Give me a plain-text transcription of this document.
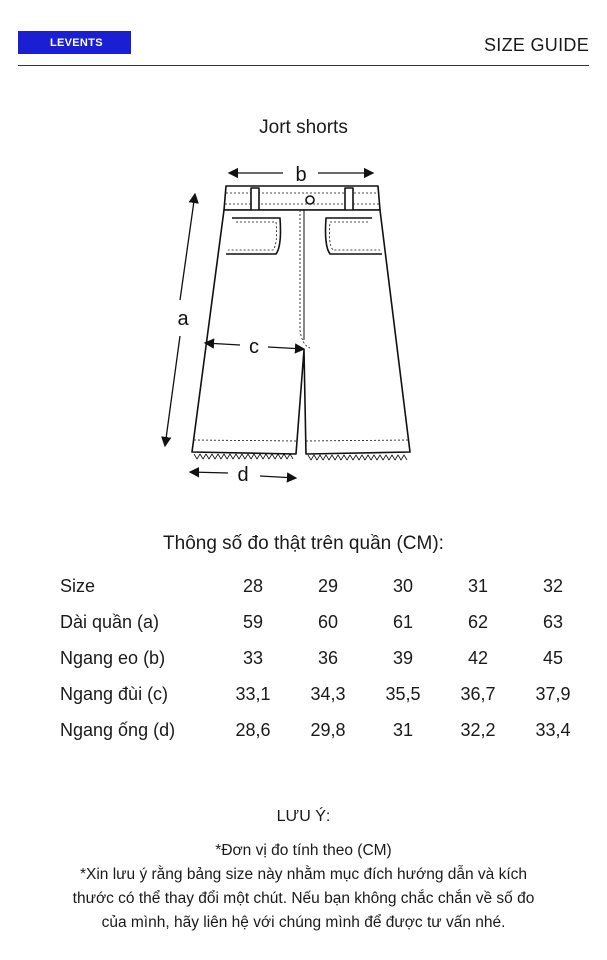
LEVENTS	SIZE GUIDE
Jort shorts
b
a
c
d
Thông số đo thật trên quần (CM):
Size	28	29	30	31	32
Dài quần (a)	59	60	61	62	63
Ngang eo (b)	33	36	39	42	45
Ngang đùi (c)	33,1	34,3	35,5	36,7	37,9
Ngang ống (d)	28,6	29,8	31	32,2	33,4
LƯU Ý:
*Đơn vị đo tính theo (CM)
*Xin lưu ý rằng bảng size này nhằm mục đích hướng dẫn và kích
thước có thể thay đổi một chút. Nếu bạn không chắc chắn về số đo
của mình, hãy liên hệ với chúng mình để được tư vấn nhé.
